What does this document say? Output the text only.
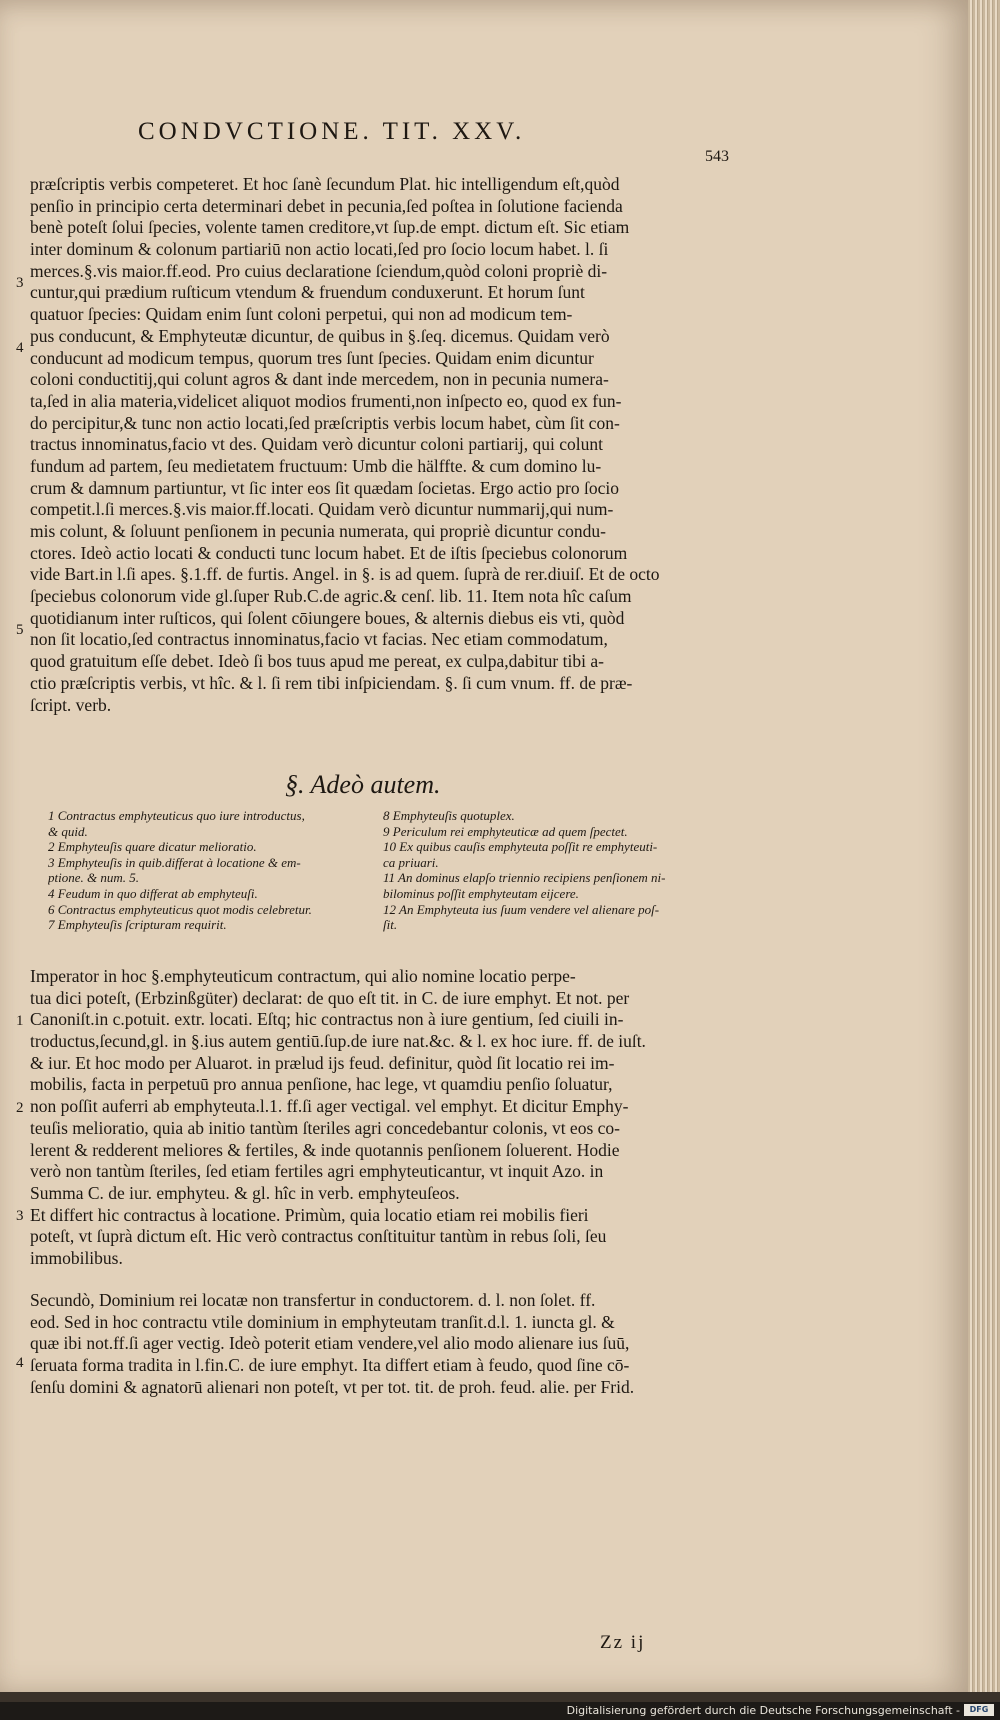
CONDVCTIONE. TIT. XXV.
543
3
4
5
præſcriptis verbis competeret. Et hoc ſanè ſecundum Plat. hic intelligendum eſt,quòd
penſio in principio certa determinari debet in pecunia,ſed poſtea in ſolutione facienda
benè poteſt ſolui ſpecies, volente tamen creditore,vt ſup.de empt. dictum eſt. Sic etiam
inter dominum & colonum partiariū non actio locati,ſed pro ſocio locum habet. l. ſi
merces.§.vis maior.ff.eod. Pro cuius declaratione ſciendum,quòd coloni propriè di-
cuntur,qui prædium ruſticum vtendum & fruendum conduxerunt. Et horum ſunt
quatuor ſpecies: Quidam enim ſunt coloni perpetui, qui non ad modicum tem-
pus conducunt, & Emphyteutæ dicuntur, de quibus in §.ſeq. dicemus. Quidam verò
conducunt ad modicum tempus, quorum tres ſunt ſpecies. Quidam enim dicuntur
coloni conductitij,qui colunt agros & dant inde mercedem, non in pecunia numera-
ta,ſed in alia materia,videlicet aliquot modios frumenti,non inſpecto eo, quod ex fun-
do percipitur,& tunc non actio locati,ſed præſcriptis verbis locum habet, cùm ſit con-
tractus innominatus,facio vt des. Quidam verò dicuntur coloni partiarij, qui colunt
fundum ad partem, ſeu medietatem fructuum: Umb die hälffte. & cum domino lu-
crum & damnum partiuntur, vt ſic inter eos ſit quædam ſocietas. Ergo actio pro ſocio
competit.l.ſi merces.§.vis maior.ff.locati. Quidam verò dicuntur nummarij,qui num-
mis colunt, & ſoluunt penſionem in pecunia numerata, qui propriè dicuntur condu-
ctores. Ideò actio locati & conducti tunc locum habet. Et de iſtis ſpeciebus colonorum
vide Bart.in l.ſi apes. §.1.ff. de furtis. Angel. in §. is ad quem. ſuprà de rer.diuiſ. Et de octo
ſpeciebus colonorum vide gl.ſuper Rub.C.de agric.& cenſ. lib. 11. Item nota hîc caſum
quotidianum inter ruſticos, qui ſolent cōiungere boues, & alternis diebus eis vti, quòd
non ſit locatio,ſed contractus innominatus,facio vt facias. Nec etiam commodatum,
quod gratuitum eſſe debet. Ideò ſi bos tuus apud me pereat, ex culpa,dabitur tibi a-
ctio præſcriptis verbis, vt hîc. & l. ſi rem tibi inſpiciendam. §. ſi cum vnum. ff. de præ-
ſcript. verb.
§. Adeò autem.
1 Contractus emphyteuticus quo iure introductus,
& quid.
2 Emphyteuſis quare dicatur melioratio.
3 Emphyteuſis in quib.differat à locatione & em-
ptione. & num. 5.
4 Feudum in quo differat ab emphyteuſi.
6 Contractus emphyteuticus quot modis celebretur.
7 Emphyteuſis ſcripturam requirit.
8 Emphyteuſis quotuplex.
9 Periculum rei emphyteuticæ ad quem ſpectet.
10 Ex quibus cauſis emphyteuta poſſit re emphyteuti-
ca priuari.
11 An dominus elapſo triennio recipiens penſionem ni-
bilominus poſſit emphyteutam eijcere.
12 An Emphyteuta ius ſuum vendere vel alienare poſ-
ſit.
1
2
3
Imperator in hoc §.emphyteuticum contractum, qui alio nomine locatio perpe-
tua dici poteſt, (Erbzinßgüter) declarat: de quo eſt tit. in C. de iure emphyt. Et not. per
Canoniſt.in c.potuit. extr. locati. Eſtq; hic contractus non à iure gentium, ſed ciuili in-
troductus,ſecund,gl. in §.ius autem gentiū.ſup.de iure nat.&c. & l. ex hoc iure. ff. de iuſt.
& iur. Et hoc modo per Aluarot. in prælud ijs feud. definitur, quòd ſit locatio rei im-
mobilis, facta in perpetuū pro annua penſione, hac lege, vt quamdiu penſio ſoluatur,
non poſſit auferri ab emphyteuta.l.1. ff.ſi ager vectigal. vel emphyt. Et dicitur Emphy-
teuſis melioratio, quia ab initio tantùm ſteriles agri concedebantur colonis, vt eos co-
lerent & redderent meliores & fertiles, & inde quotannis penſionem ſoluerent. Hodie
verò non tantùm ſteriles, ſed etiam fertiles agri emphyteuticantur, vt inquit Azo. in
Summa C. de iur. emphyteu. & gl. hîc in verb. emphyteuſeos.
Et differt hic contractus à locatione. Primùm, quia locatio etiam rei mobilis fieri
poteſt, vt ſuprà dictum eſt. Hic verò contractus conſtituitur tantùm in rebus ſoli, ſeu
immobilibus.
4
Secundò, Dominium rei locatæ non transfertur in conductorem. d. l. non ſolet. ff.
eod. Sed in hoc contractu vtile dominium in emphyteutam tranſit.d.l. 1. iuncta gl. &
quæ ibi not.ff.ſi ager vectig. Ideò poterit etiam vendere,vel alio modo alienare ius ſuū,
ſeruata forma tradita in l.fin.C. de iure emphyt. Ita differt etiam à feudo, quod ſine cō-
ſenſu domini & agnatorū alienari non poteſt, vt per tot. tit. de proh. feud. alie. per Frid.
Zz ij
Digitalisierung gefördert durch die Deutsche Forschungsgemeinschaft -	DFG
